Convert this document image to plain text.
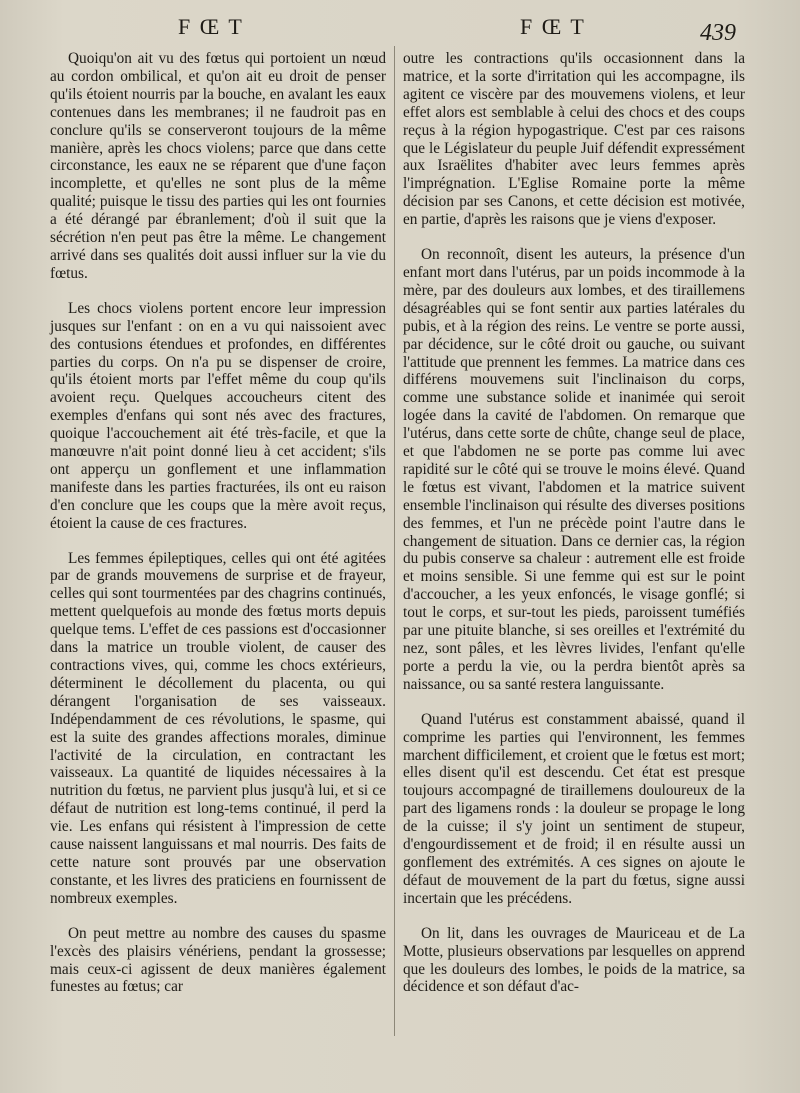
F Œ T	F Œ T	439

Quoiqu'on ait vu des fœtus qui portoient un nœud au cordon ombilical, et qu'on ait eu droit de penser qu'ils étoient nourris par la bouche, en avalant les eaux contenues dans les membranes; il ne faudroit pas en conclure qu'ils se conserveront toujours de la même manière, après les chocs violens; parce que dans cette circonstance, les eaux ne se réparent que d'une façon incomplette, et qu'elles ne sont plus de la même qualité; puisque le tissu des parties qui les ont fournies a été dérangé par ébranlement; d'où il suit que la sécrétion n'en peut pas être la même. Le changement arrivé dans ses qualités doit aussi influer sur la vie du fœtus.

Les chocs violens portent encore leur impression jusques sur l'enfant : on en a vu qui naissoient avec des contusions étendues et profondes, en différentes parties du corps. On n'a pu se dispenser de croire, qu'ils étoient morts par l'effet même du coup qu'ils avoient reçu. Quelques accoucheurs citent des exemples d'enfans qui sont nés avec des fractures, quoique l'accouchement ait été très-facile, et que la manœuvre n'ait point donné lieu à cet accident; s'ils ont apperçu un gonflement et une inflammation manifeste dans les parties fracturées, ils ont eu raison d'en conclure que les coups que la mère avoit reçus, étoient la cause de ces fractures.

Les femmes épileptiques, celles qui ont été agitées par de grands mouvemens de surprise et de frayeur, celles qui sont tourmentées par des chagrins continués, mettent quelquefois au monde des fœtus morts depuis quelque tems. L'effet de ces passions est d'occasionner dans la matrice un trouble violent, de causer des contractions vives, qui, comme les chocs extérieurs, déterminent le décollement du placenta, ou qui dérangent l'organisation de ses vaisseaux. Indépendamment de ces révolutions, le spasme, qui est la suite des grandes affections morales, diminue l'activité de la circulation, en contractant les vaisseaux. La quantité de liquides nécessaires à la nutrition du fœtus, ne parvient plus jusqu'à lui, et si ce défaut de nutrition est long-tems continué, il perd la vie. Les enfans qui résistent à l'impression de cette cause naissent languissans et mal nourris. Des faits de cette nature sont prouvés par une observation constante, et les livres des praticiens en fournissent de nombreux exemples.

On peut mettre au nombre des causes du spasme l'excès des plaisirs vénériens, pendant la grossesse; mais ceux-ci agissent de deux manières également funestes au fœtus; car

outre les contractions qu'ils occasionnent dans la matrice, et la sorte d'irritation qui les accompagne, ils agitent ce viscère par des mouvemens violens, et leur effet alors est semblable à celui des chocs et des coups reçus à la région hypogastrique. C'est par ces raisons que le Législateur du peuple Juif défendit expressément aux Israëlites d'habiter avec leurs femmes après l'imprégnation. L'Eglise Romaine porte la même décision par ses Canons, et cette décision est motivée, en partie, d'après les raisons que je viens d'exposer.

On reconnoît, disent les auteurs, la présence d'un enfant mort dans l'utérus, par un poids incommode à la mère, par des douleurs aux lombes, et des tiraillemens désagréables qui se font sentir aux parties latérales du pubis, et à la région des reins. Le ventre se porte aussi, par décidence, sur le côté droit ou gauche, ou suivant l'attitude que prennent les femmes. La matrice dans ces différens mouvemens suit l'inclinaison du corps, comme une substance solide et inanimée qui seroit logée dans la cavité de l'abdomen. On remarque que l'utérus, dans cette sorte de chûte, change seul de place, et que l'abdomen ne se porte pas comme lui avec rapidité sur le côté qui se trouve le moins élevé. Quand le fœtus est vivant, l'abdomen et la matrice suivent ensemble l'inclinaison qui résulte des diverses positions des femmes, et l'un ne précède point l'autre dans le changement de situation. Dans ce dernier cas, la région du pubis conserve sa chaleur : autrement elle est froide et moins sensible. Si une femme qui est sur le point d'accoucher, a les yeux enfoncés, le visage gonflé; si tout le corps, et sur-tout les pieds, paroissent tuméfiés par une pituite blanche, si ses oreilles et l'extrémité du nez, sont pâles, et les lèvres livides, l'enfant qu'elle porte a perdu la vie, ou la perdra bientôt après sa naissance, ou sa santé restera languissante.

Quand l'utérus est constamment abaissé, quand il comprime les parties qui l'environnent, les femmes marchent difficilement, et croient que le fœtus est mort; elles disent qu'il est descendu. Cet état est presque toujours accompagné de tiraillemens douloureux de la part des ligamens ronds : la douleur se propage le long de la cuisse; il s'y joint un sentiment de stupeur, d'engourdissement et de froid; il en résulte aussi un gonflement des extrémités. A ces signes on ajoute le défaut de mouvement de la part du fœtus, signe aussi incertain que les précédens.

On lit, dans les ouvrages de Mauriceau et de La Motte, plusieurs observations par lesquelles on apprend que les douleurs des lombes, le poids de la matrice, sa décidence et son défaut d'ac-
